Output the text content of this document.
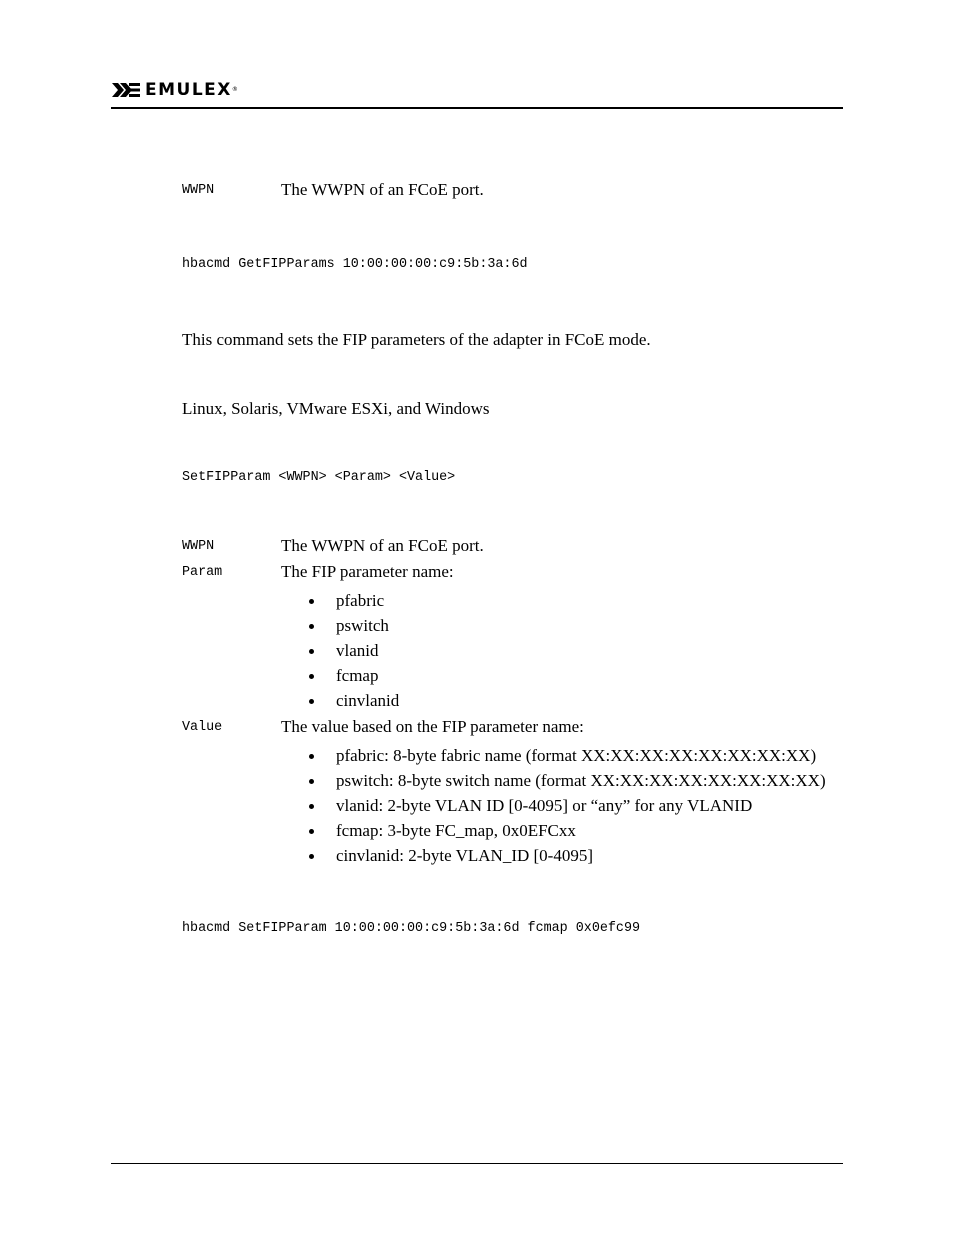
EMULEX®
WWPN	The WWPN of an FCoE port.
hbacmd GetFIPParams 10:00:00:00:c9:5b:3a:6d
This command sets the FIP parameters of the adapter in FCoE mode.
Linux, Solaris, VMware ESXi, and Windows
SetFIPParam <WWPN> <Param> <Value>
WWPN	The WWPN of an FCoE port.
Param	The FIP parameter name:
pfabric
pswitch
vlanid
fcmap
cinvlanid
Value	The value based on the FIP parameter name:
pfabric: 8-byte fabric name (format XX:XX:XX:XX:XX:XX:XX:XX)
pswitch: 8-byte switch name (format XX:XX:XX:XX:XX:XX:XX:XX)
vlanid: 2-byte VLAN ID [0-4095] or “any” for any VLANID
fcmap: 3-byte FC_map, 0x0EFCxx
cinvlanid: 2-byte VLAN_ID [0-4095]
hbacmd SetFIPParam 10:00:00:00:c9:5b:3a:6d fcmap 0x0efc99
